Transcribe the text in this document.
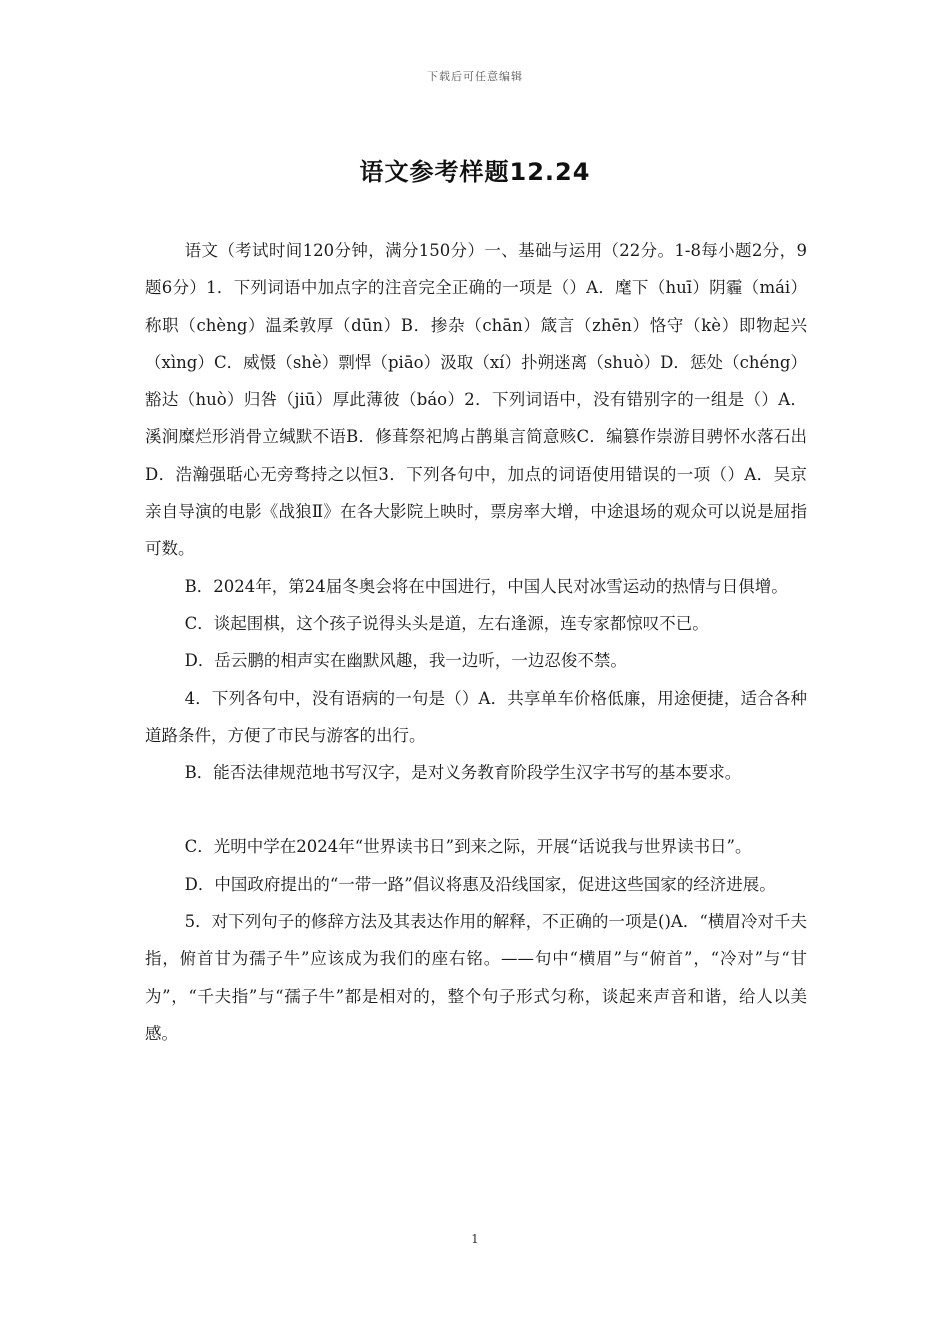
下载后可任意编辑
语文参考样题12.24

语文（考试时间120分钟，满分150分）一、基础与运用（22分。1-8每小题2分，9题6分）1．下列词语中加点字的注音完全正确的一项是（）A．麾下（huī）阴霾（mái）称职（chèng）温柔敦厚（dūn）B．掺杂（chān）箴言（zhēn）恪守（kè）即物起兴（xìng）C．威慑（shè）剽悍（piāo）汲取（xí）扑朔迷离（shuò）D．惩处（chéng）豁达（huò）归咎（jiū）厚此薄彼（báo）2．下列词语中，没有错别字的一组是（）A．溪涧糜烂形消骨立缄默不语B．修葺祭祀鸠占鹊巢言简意赅C．编篡作崇游目骋怀水落石出D．浩瀚强聒心无旁骛持之以恒3．下列各句中，加点的词语使用错误的一项（）A．吴京亲自导演的电影《战狼Ⅱ》在各大影院上映时，票房率大增，中途退场的观众可以说是屈指可数。

B．2024年，第24届冬奥会将在中国进行，中国人民对冰雪运动的热情与日俱增。

C．谈起围棋，这个孩子说得头头是道，左右逢源，连专家都惊叹不已。

D．岳云鹏的相声实在幽默风趣，我一边听，一边忍俊不禁。

4．下列各句中，没有语病的一句是（）A．共享单车价格低廉，用途便捷，适合各种道路条件，方便了市民与游客的出行。

B．能否法律规范地书写汉字，是对义务教育阶段学生汉字书写的基本要求。

C．光明中学在2024年“世界读书日”到来之际，开展“话说我与世界读书日”。

D．中国政府提出的“一带一路”倡议将惠及沿线国家，促进这些国家的经济进展。

5．对下列句子的修辞方法及其表达作用的解释，不正确的一项是()A．“横眉冷对千夫指，俯首甘为孺子牛”应该成为我们的座右铭。——句中“横眉”与“俯首”，“冷对”与“甘为”，“千夫指”与“孺子牛”都是相对的，整个句子形式匀称，谈起来声音和谐，给人以美感。

1
